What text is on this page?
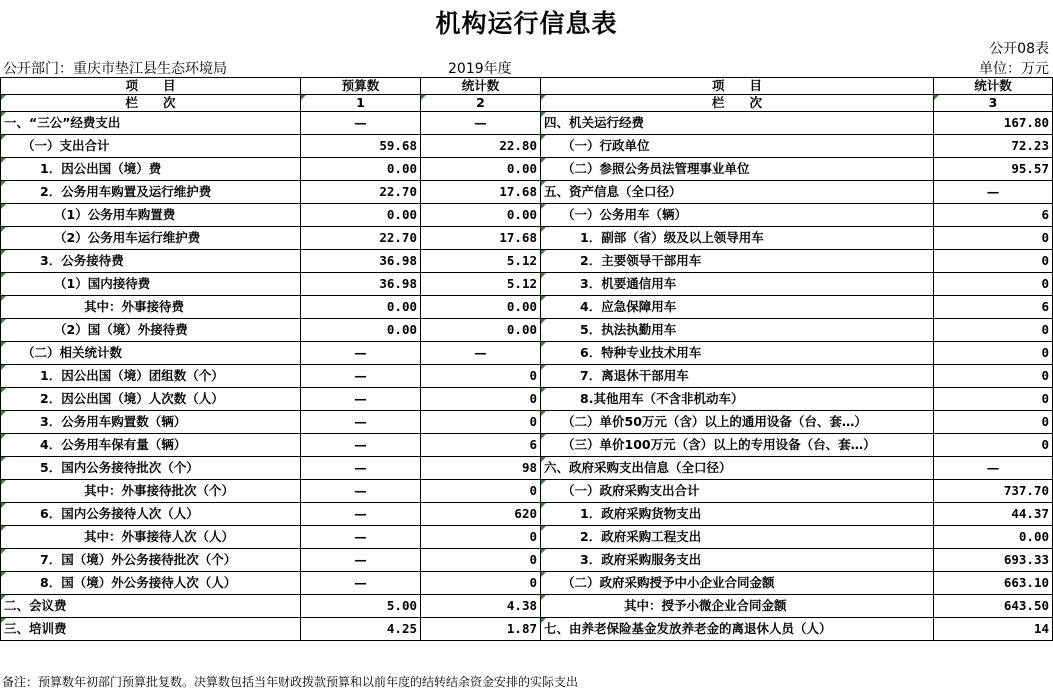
机构运行信息表
公开08表
公开部门：重庆市垫江县生态环境局	2019年度	单位：万元
项　　目	预算数	统计数	项　　目	统计数
栏　　次	1	2	栏　　次	3
一、“三公”经费支出	—	—	四、机关运行经费	167.80
（一）支出合计	59.68	22.80	（一）行政单位	72.23
1．因公出国（境）费	0.00	0.00	（二）参照公务员法管理事业单位	95.57
2．公务用车购置及运行维护费	22.70	17.68	五、资产信息（全口径）	—
（1）公务用车购置费	0.00	0.00	（一）公务用车（辆）	6
（2）公务用车运行维护费	22.70	17.68	1．副部（省）级及以上领导用车	0
3．公务接待费	36.98	5.12	2．主要领导干部用车	0
（1）国内接待费	36.98	5.12	3．机要通信用车	0
其中：外事接待费	0.00	0.00	4．应急保障用车	6
（2）国（境）外接待费	0.00	0.00	5．执法执勤用车	0
（二）相关统计数	—	—	6．特种专业技术用车	0
1．因公出国（境）团组数（个）	—	0	7．离退休干部用车	0
2．因公出国（境）人次数（人）	—	0	8.其他用车（不含非机动车）	0
3．公务用车购置数（辆）	—	0	（二）单价50万元（含）以上的通用设备（台、套…）	0
4．公务用车保有量（辆）	—	6	（三）单价100万元（含）以上的专用设备（台、套…）	0
5．国内公务接待批次（个）	—	98	六、政府采购支出信息（全口径）	—
其中：外事接待批次（个）	—	0	（一）政府采购支出合计	737.70
6．国内公务接待人次（人）	—	620	1．政府采购货物支出	44.37
其中：外事接待人次（人）	—	0	2．政府采购工程支出	0.00
7．国（境）外公务接待批次（个）	—	0	3．政府采购服务支出	693.33
8．国（境）外公务接待人次（人）	—	0	（二）政府采购授予中小企业合同金额	663.10
二、会议费	5.00	4.38	其中：授予小微企业合同金额	643.50
三、培训费	4.25	1.87	七、由养老保险基金发放养老金的离退休人员（人）	14
备注：预算数年初部门预算批复数。决算数包括当年财政拨款预算和以前年度的结转结余资金安排的实际支出
